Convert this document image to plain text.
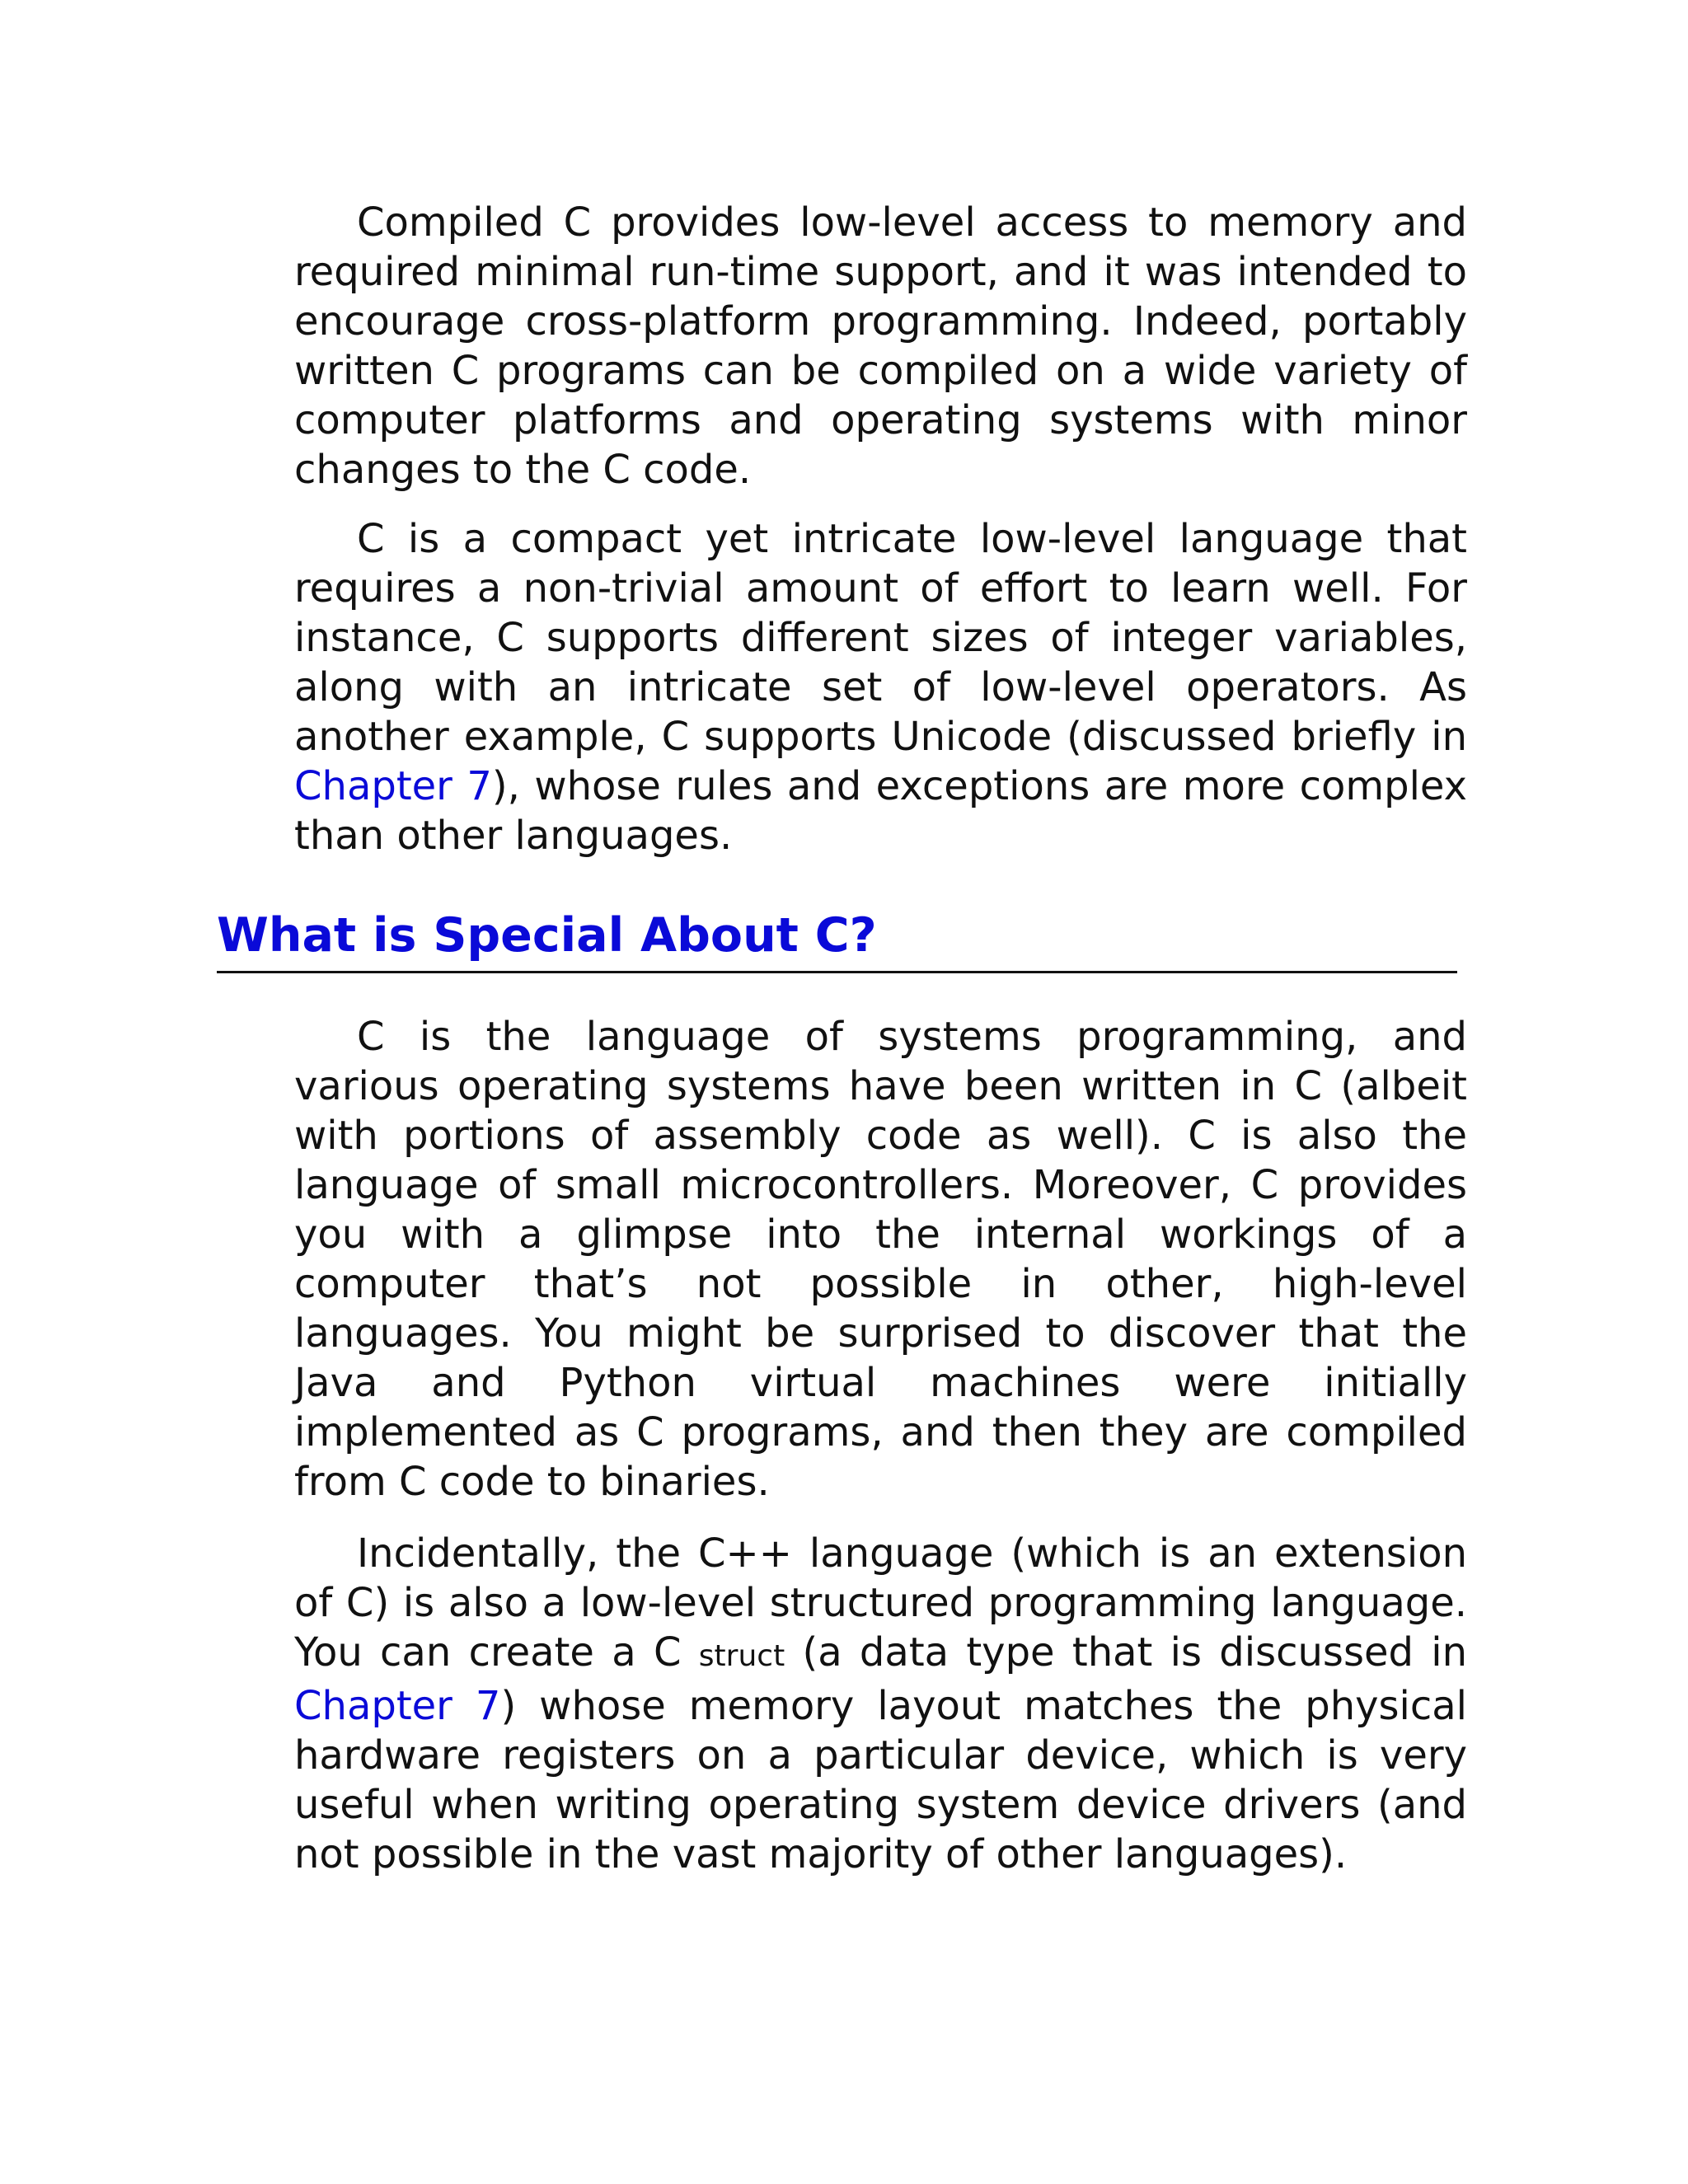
Compiled C provides low-level access to memory and required minimal run-time support, and it was intended to encourage cross-platform programming. Indeed, portably written C programs can be compiled on a wide variety of computer platforms and operating systems with minor changes to the C code.

C is a compact yet intricate low-level language that requires a non-trivial amount of effort to learn well. For instance, C supports different sizes of integer variables, along with an intricate set of low-level operators. As another example, C supports Unicode (discussed briefly in Chapter 7), whose rules and exceptions are more complex than other languages.

What is Special About C?

C is the language of systems programming, and various operating systems have been written in C (albeit with portions of assembly code as well). C is also the language of small microcontrollers. Moreover, C provides you with a glimpse into the internal workings of a computer that’s not possible in other, high-level languages. You might be surprised to discover that the Java and Python virtual machines were initially implemented as C programs, and then they are compiled from C code to binaries.

Incidentally, the C++ language (which is an extension of C) is also a low-level structured programming language. You can create a C struct (a data type that is discussed in Chapter 7) whose memory layout matches the physical hardware registers on a particular device, which is very useful when writing operating system device drivers (and not possible in the vast majority of other languages).
